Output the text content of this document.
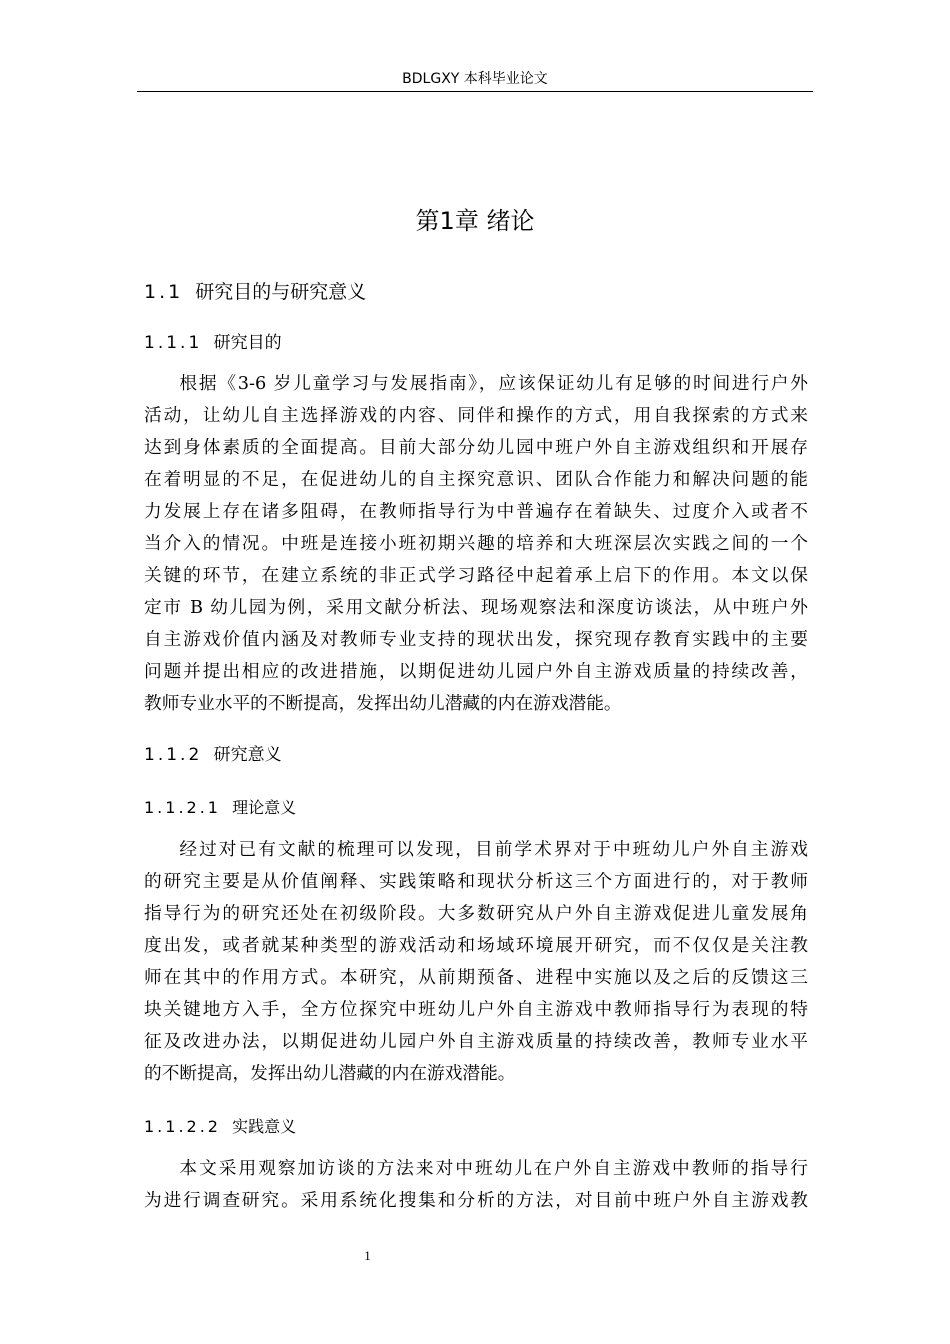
BDLGXY 本科毕业论文
第1章 绪论
1.1 研究目的与研究意义
1.1.1 研究目的
根据《3-6 岁儿童学习与发展指南》，应该保证幼儿有足够的时间进行户外
活动，让幼儿自主选择游戏的内容、同伴和操作的方式，用自我探索的方式来
达到身体素质的全面提高。目前大部分幼儿园中班户外自主游戏组织和开展存
在着明显的不足，在促进幼儿的自主探究意识、团队合作能力和解决问题的能
力发展上存在诸多阻碍，在教师指导行为中普遍存在着缺失、过度介入或者不
当介入的情况。中班是连接小班初期兴趣的培养和大班深层次实践之间的一个
关键的环节，在建立系统的非正式学习路径中起着承上启下的作用。本文以保
定市 B 幼儿园为例，采用文献分析法、现场观察法和深度访谈法，从中班户外
自主游戏价值内涵及对教师专业支持的现状出发，探究现存教育实践中的主要
问题并提出相应的改进措施，以期促进幼儿园户外自主游戏质量的持续改善，
教师专业水平的不断提高，发挥出幼儿潜藏的内在游戏潜能。
1.1.2 研究意义
1.1.2.1 理论意义
经过对已有文献的梳理可以发现，目前学术界对于中班幼儿户外自主游戏
的研究主要是从价值阐释、实践策略和现状分析这三个方面进行的，对于教师
指导行为的研究还处在初级阶段。大多数研究从户外自主游戏促进儿童发展角
度出发，或者就某种类型的游戏活动和场域环境展开研究，而不仅仅是关注教
师在其中的作用方式。本研究，从前期预备、进程中实施以及之后的反馈这三
块关键地方入手，全方位探究中班幼儿户外自主游戏中教师指导行为表现的特
征及改进办法，以期促进幼儿园户外自主游戏质量的持续改善，教师专业水平
的不断提高，发挥出幼儿潜藏的内在游戏潜能。
1.1.2.2 实践意义
本文采用观察加访谈的方法来对中班幼儿在户外自主游戏中教师的指导行
为进行调查研究。采用系统化搜集和分析的方法，对目前中班户外自主游戏教
1
